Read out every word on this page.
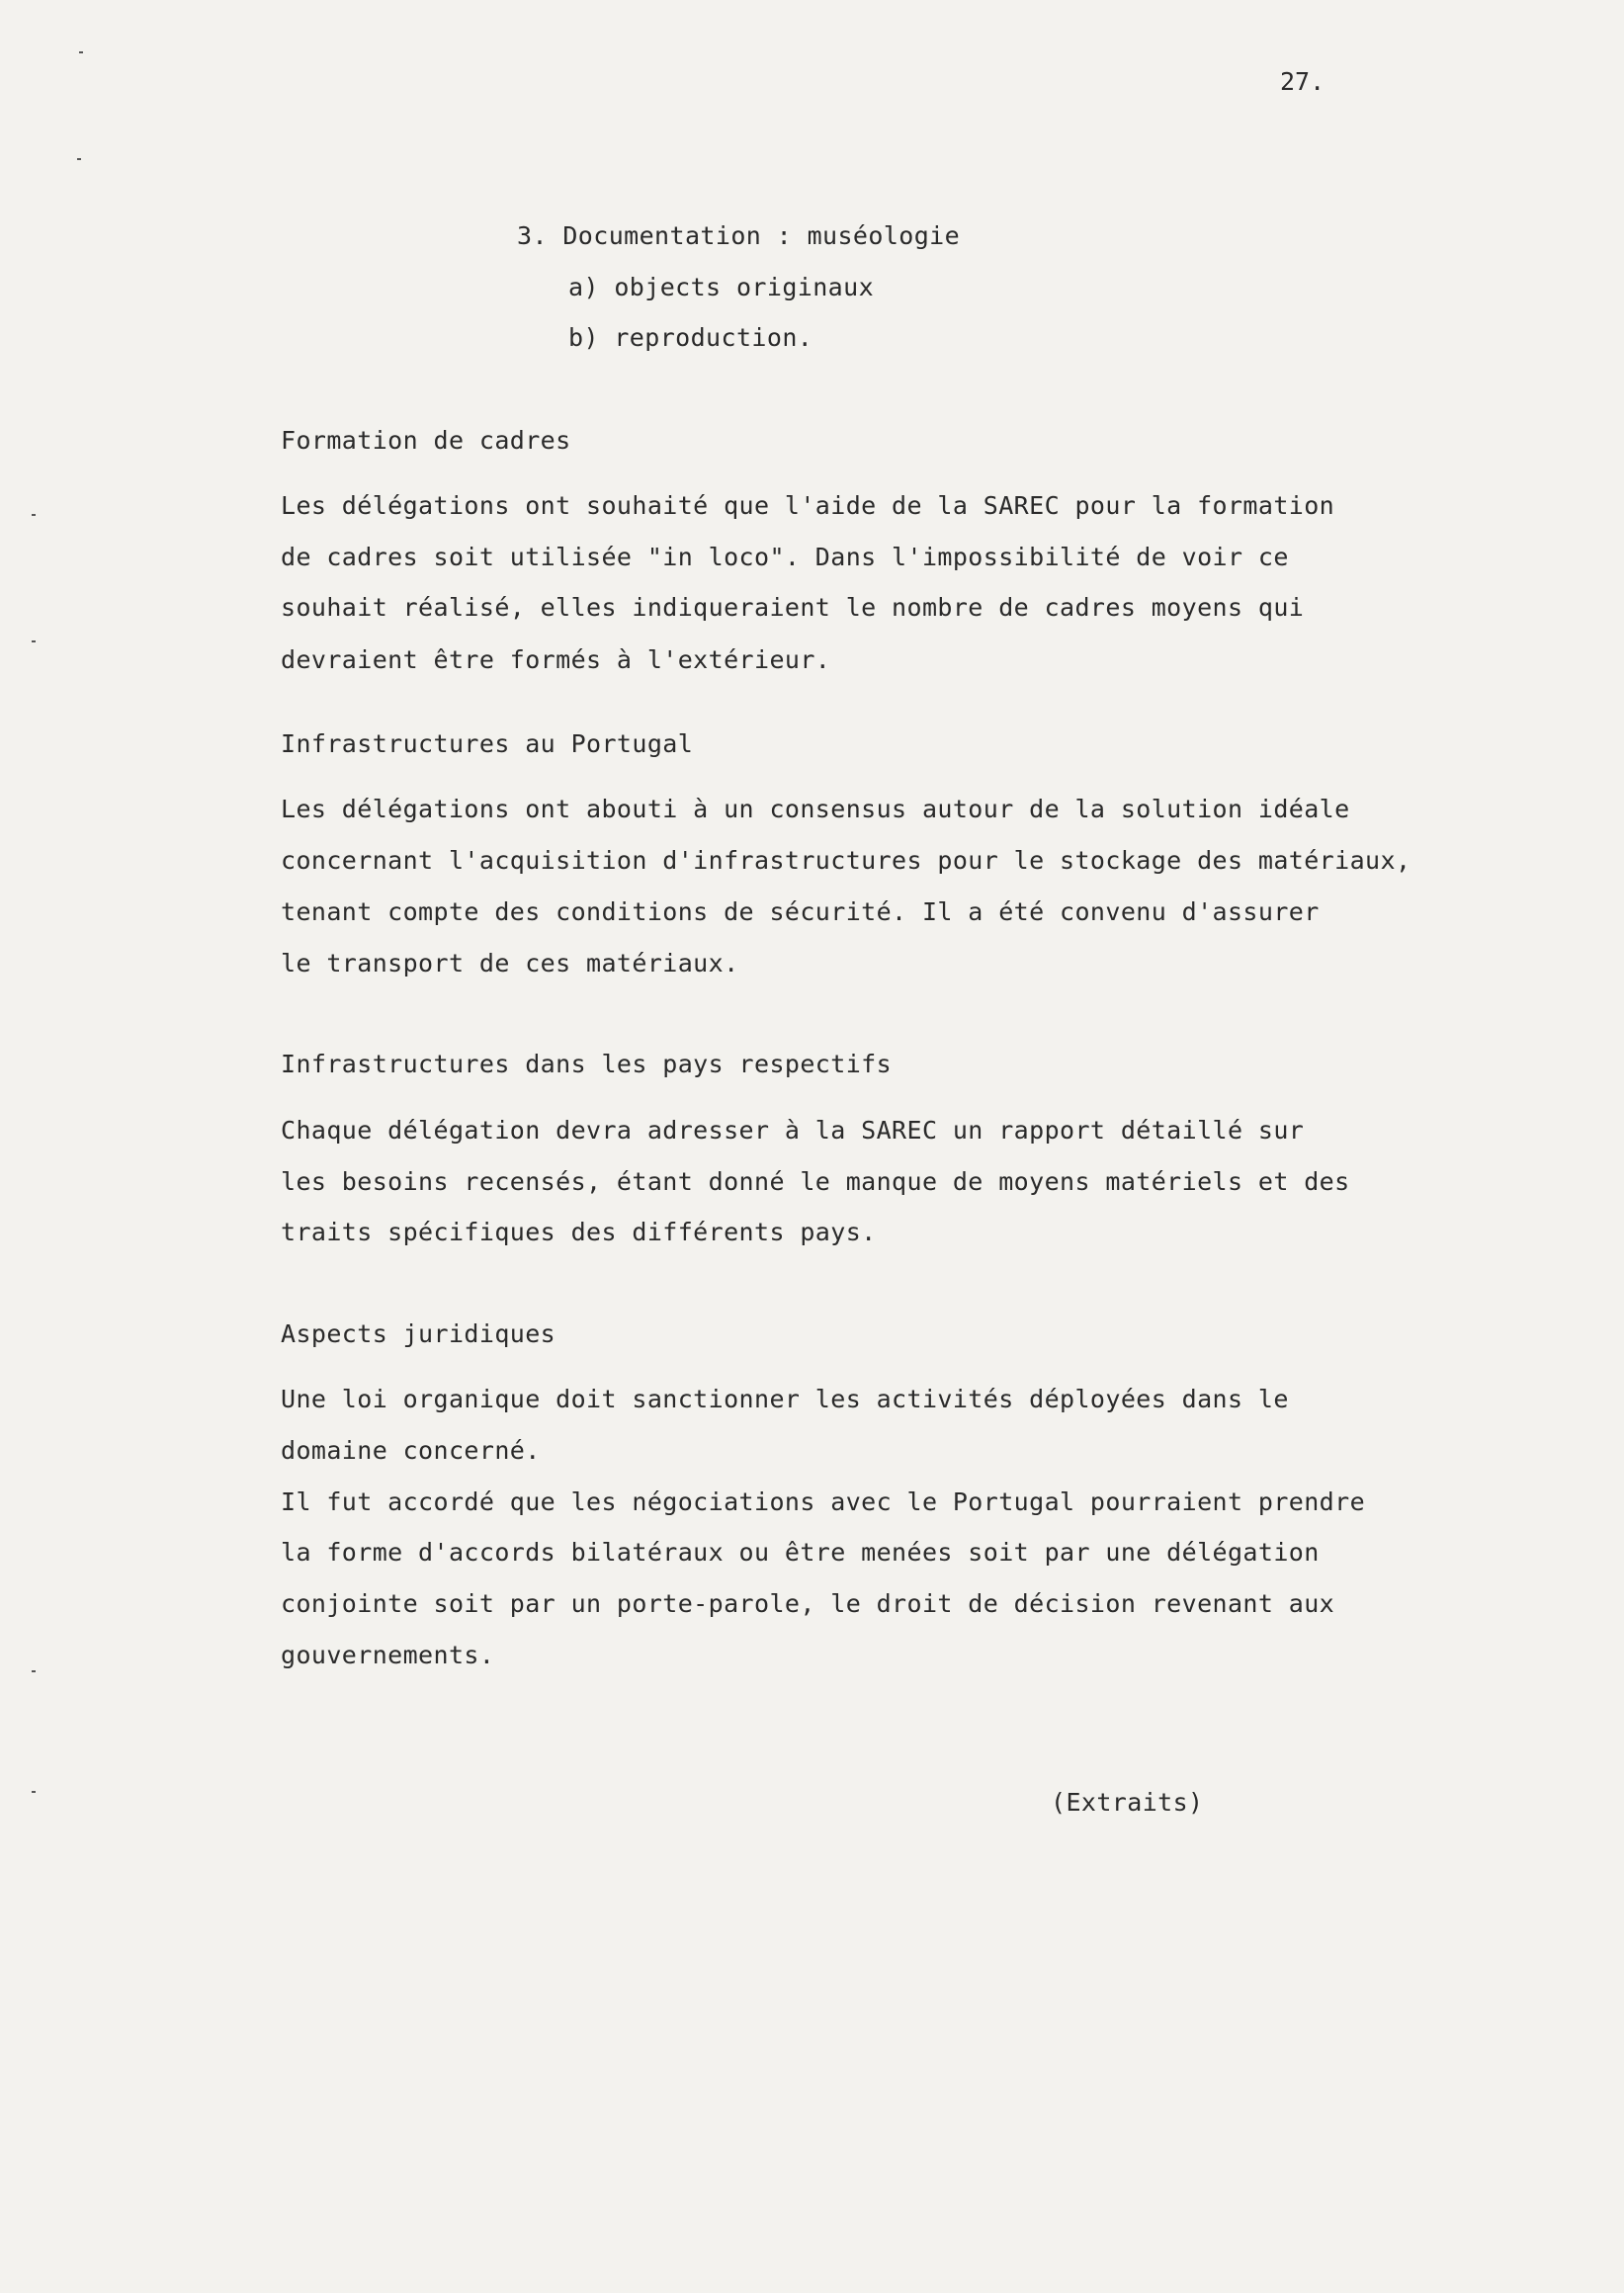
27.
3. Documentation : muséologie
a) objects originaux
b) reproduction.
Formation de cadres
Les délégations ont souhaité que l'aide de la SAREC pour la formation
de cadres soit utilisée "in loco". Dans l'impossibilité de voir ce
souhait réalisé, elles indiqueraient le nombre de cadres moyens qui
devraient être formés à l'extérieur.
Infrastructures au Portugal
Les délégations ont abouti à un consensus autour de la solution idéale
concernant l'acquisition d'infrastructures pour le stockage des matériaux,
tenant compte des conditions de sécurité. Il a été convenu d'assurer
le transport de ces matériaux.
Infrastructures dans les pays respectifs
Chaque délégation devra adresser à la SAREC un rapport détaillé sur
les besoins recensés, étant donné le manque de moyens matériels et des
traits spécifiques des différents pays.
Aspects juridiques
Une loi organique doit sanctionner les activités déployées dans le
domaine concerné.
Il fut accordé que les négociations avec le Portugal pourraient prendre
la forme d'accords bilatéraux ou être menées soit par une délégation
conjointe soit par un porte-parole, le droit de décision revenant aux
gouvernements.
(Extraits)
